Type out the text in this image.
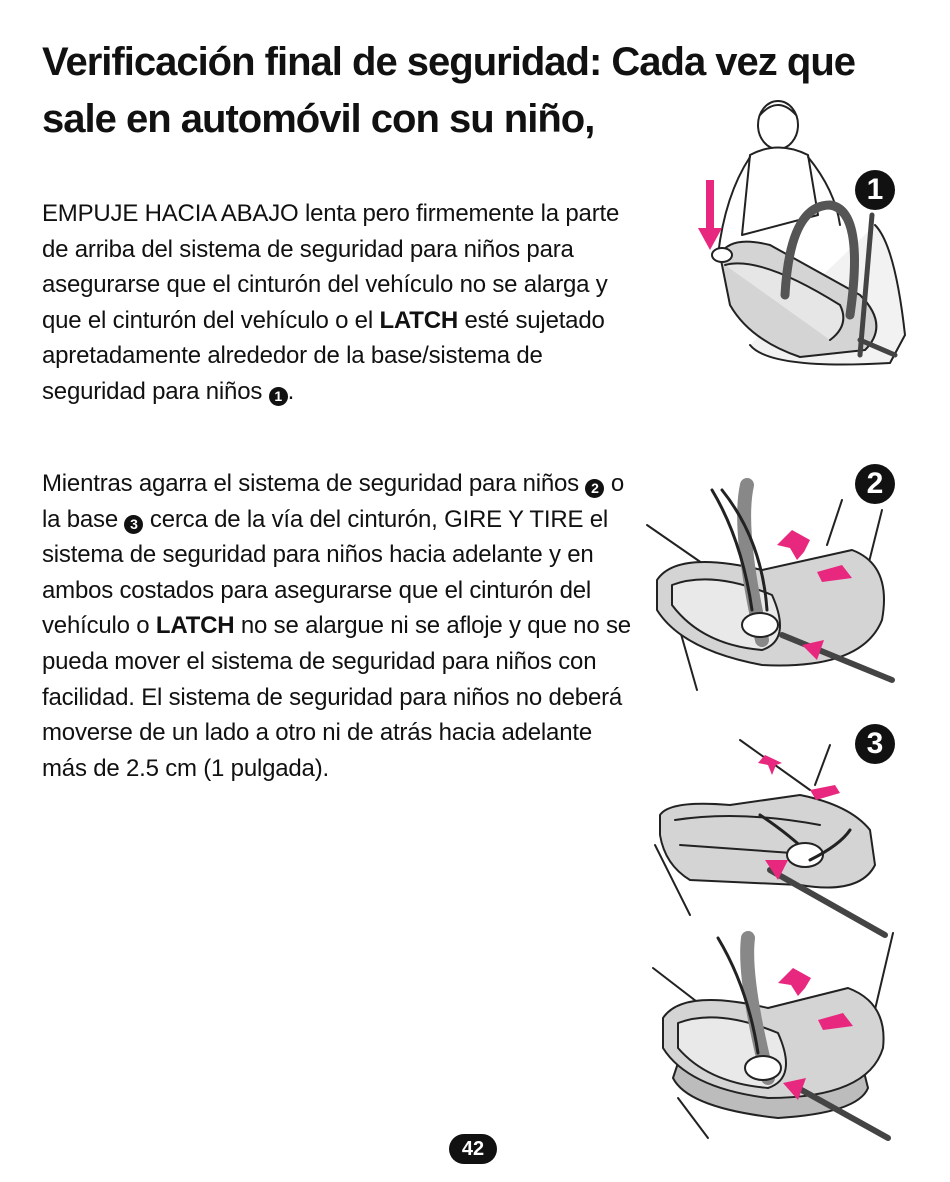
Verificación final de seguridad: Cada vez que sale en automóvil con su niño,

EMPUJE HACIA ABAJO lenta pero firmemente la parte de arriba del sistema de seguridad para niños para asegurarse que el cinturón del vehículo no se alarga y que el cinturón del vehículo o el LATCH esté sujetado apretadamente alrededor de la base/sistema de seguridad para niños 1 .

Mientras agarra el sistema de seguridad para niños 2 o la base 3 cerca de la vía del cinturón, GIRE Y TIRE el sistema de seguridad para niños hacia adelante y en ambos costados para asegurarse que el cinturón del vehículo o LATCH no se alargue ni se afloje y que no se pueda mover el sistema de seguridad para niños con facilidad. El sistema de seguridad para niños no deberá moverse de un lado a otro ni de atrás hacia adelante más de 2.5 cm (1 pulgada).

1
2
3
42
